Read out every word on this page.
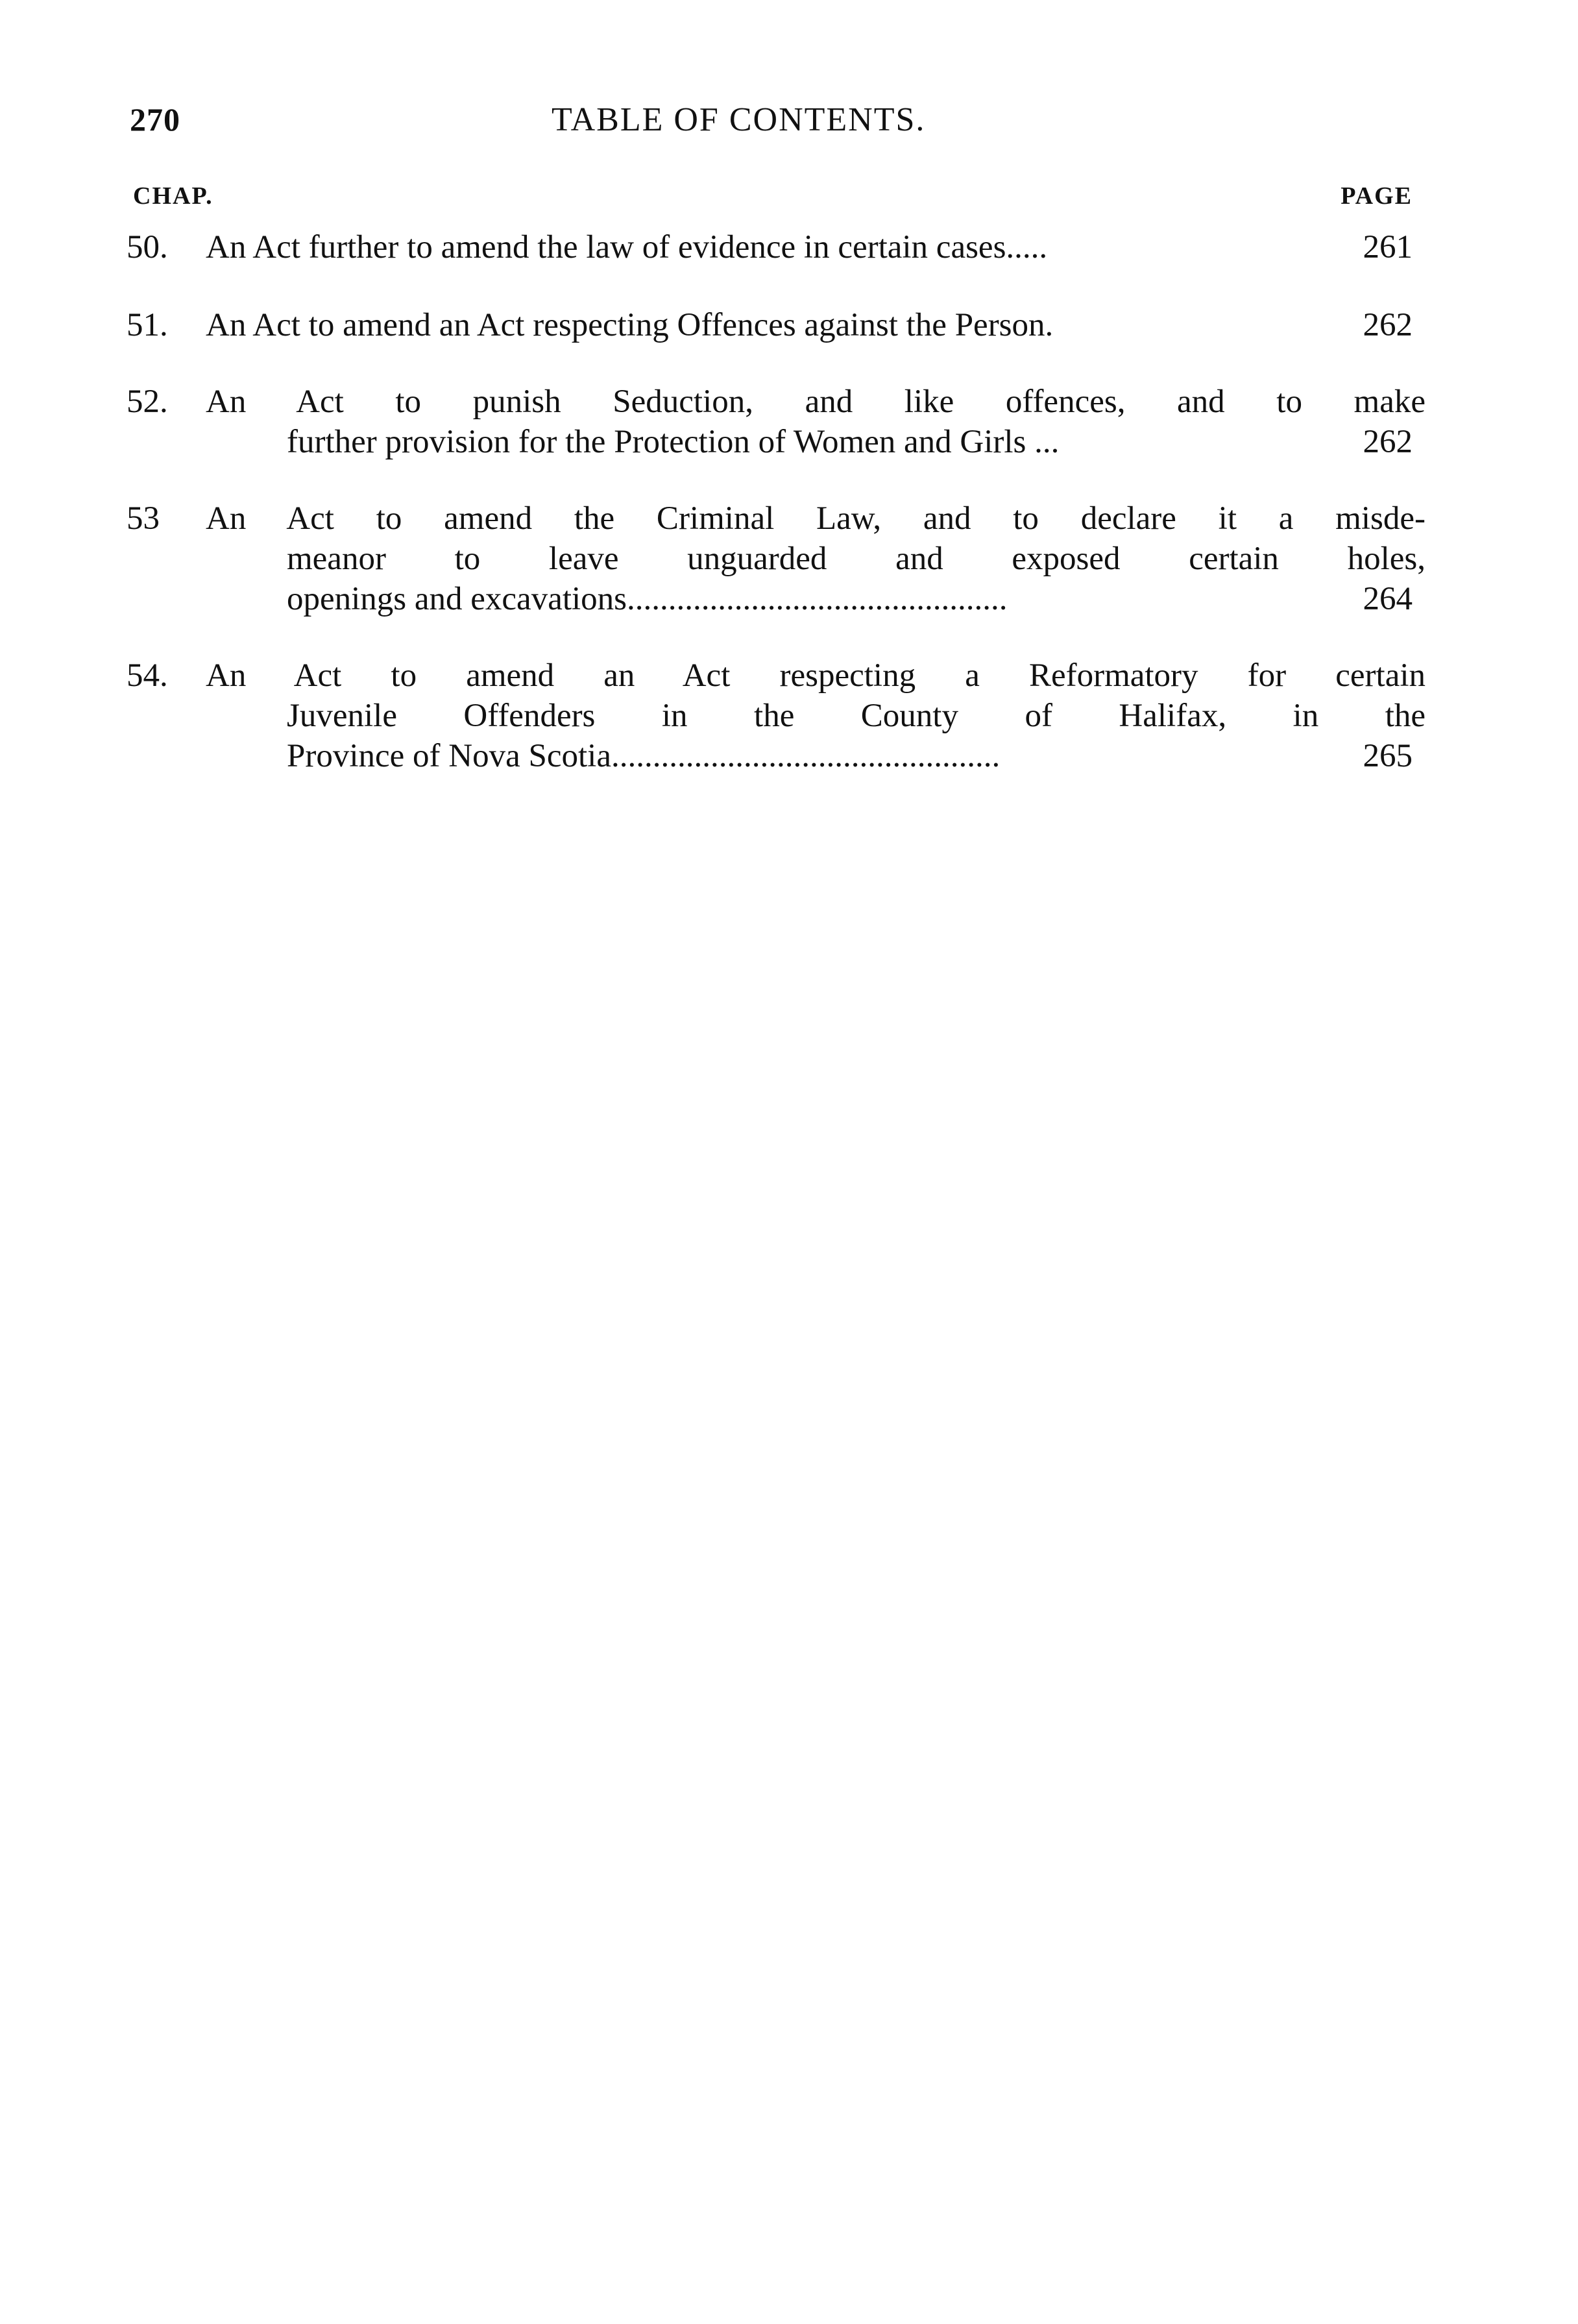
270	TABLE OF CONTENTS.
CHAP.	PAGE
50.	An Act further to amend the law of evidence in certain cases.....	261
51.	An Act to amend an Act respecting Offences against the Person.	262
52.	An Act to punish Seduction, and like offences, and to make
further provision for the Protection of Women and Girls ...	262
53	An Act to amend the Criminal Law, and to declare it a misde-
meanor to leave unguarded and exposed certain holes,
openings and excavations..............................................	264
54.	An Act to amend an Act respecting a Reformatory for certain
Juvenile Offenders in the County of Halifax, in the
Province of Nova Scotia...............................................	265
